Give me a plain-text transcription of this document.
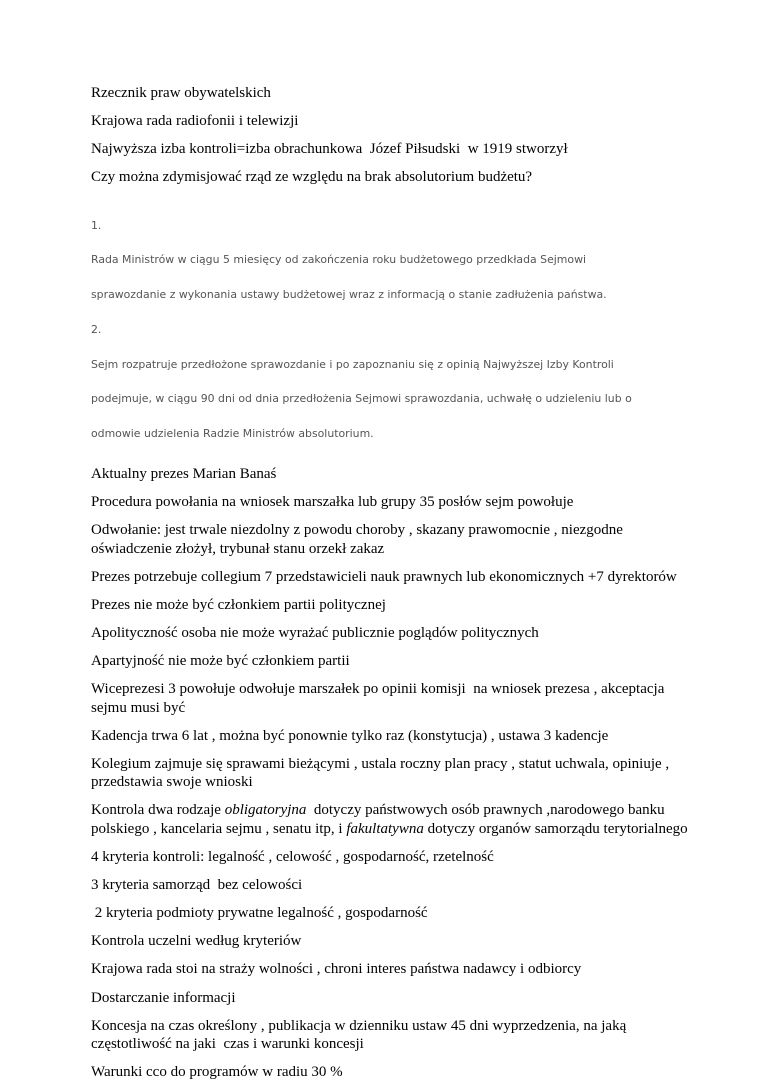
Rzecznik praw obywatelskich

Krajowa rada radiofonii i telewizji

Najwyższa izba kontroli=izba obrachunkowa  Józef Piłsudski  w 1919 stworzył

Czy można zdymisjować rząd ze względu na brak absolutorium budżetu?

1.

Rada Ministrów w ciągu 5 miesięcy od zakończenia roku budżetowego przedkłada Sejmowi

sprawozdanie z wykonania ustawy budżetowej wraz z informacją o stanie zadłużenia państwa.

2.

Sejm rozpatruje przedłożone sprawozdanie i po zapoznaniu się z opinią Najwyższej Izby Kontroli

podejmuje, w ciągu 90 dni od dnia przedłożenia Sejmowi sprawozdania, uchwałę o udzieleniu lub o

odmowie udzielenia Radzie Ministrów absolutorium.

Aktualny prezes Marian Banaś

Procedura powołania na wniosek marszałka lub grupy 35 posłów sejm powołuje

Odwołanie: jest trwale niezdolny z powodu choroby , skazany prawomocnie , niezgodne oświadczenie złożył, trybunał stanu orzekł zakaz

Prezes potrzebuje collegium 7 przedstawicieli nauk prawnych lub ekonomicznych +7 dyrektorów

Prezes nie może być członkiem partii politycznej

Apolityczność osoba nie może wyrażać publicznie poglądów politycznych

Apartyjność nie może być członkiem partii

Wiceprezesi 3 powołuje odwołuje marszałek po opinii komisji  na wniosek prezesa , akceptacja sejmu musi być

Kadencja trwa 6 lat , można być ponownie tylko raz (konstytucja) , ustawa 3 kadencje

Kolegium zajmuje się sprawami bieżącymi , ustala roczny plan pracy , statut uchwala, opiniuje , przedstawia swoje wnioski

Kontrola dwa rodzaje obligatoryjna  dotyczy państwowych osób prawnych ,narodowego banku polskiego , kancelaria sejmu , senatu itp, i fakultatywna dotyczy organów samorządu terytorialnego

4 kryteria kontroli: legalność , celowość , gospodarność, rzetelność

3 kryteria samorząd  bez celowości

2 kryteria podmioty prywatne legalność , gospodarność

Kontrola uczelni według kryteriów

Krajowa rada stoi na straży wolności , chroni interes państwa nadawcy i odbiorcy

Dostarczanie informacji

Koncesja na czas określony , publikacja w dzienniku ustaw 45 dni wyprzedzenia, na jaką częstotliwość na jaki  czas i warunki koncesji

Warunki cco do programów w radiu 30 %
